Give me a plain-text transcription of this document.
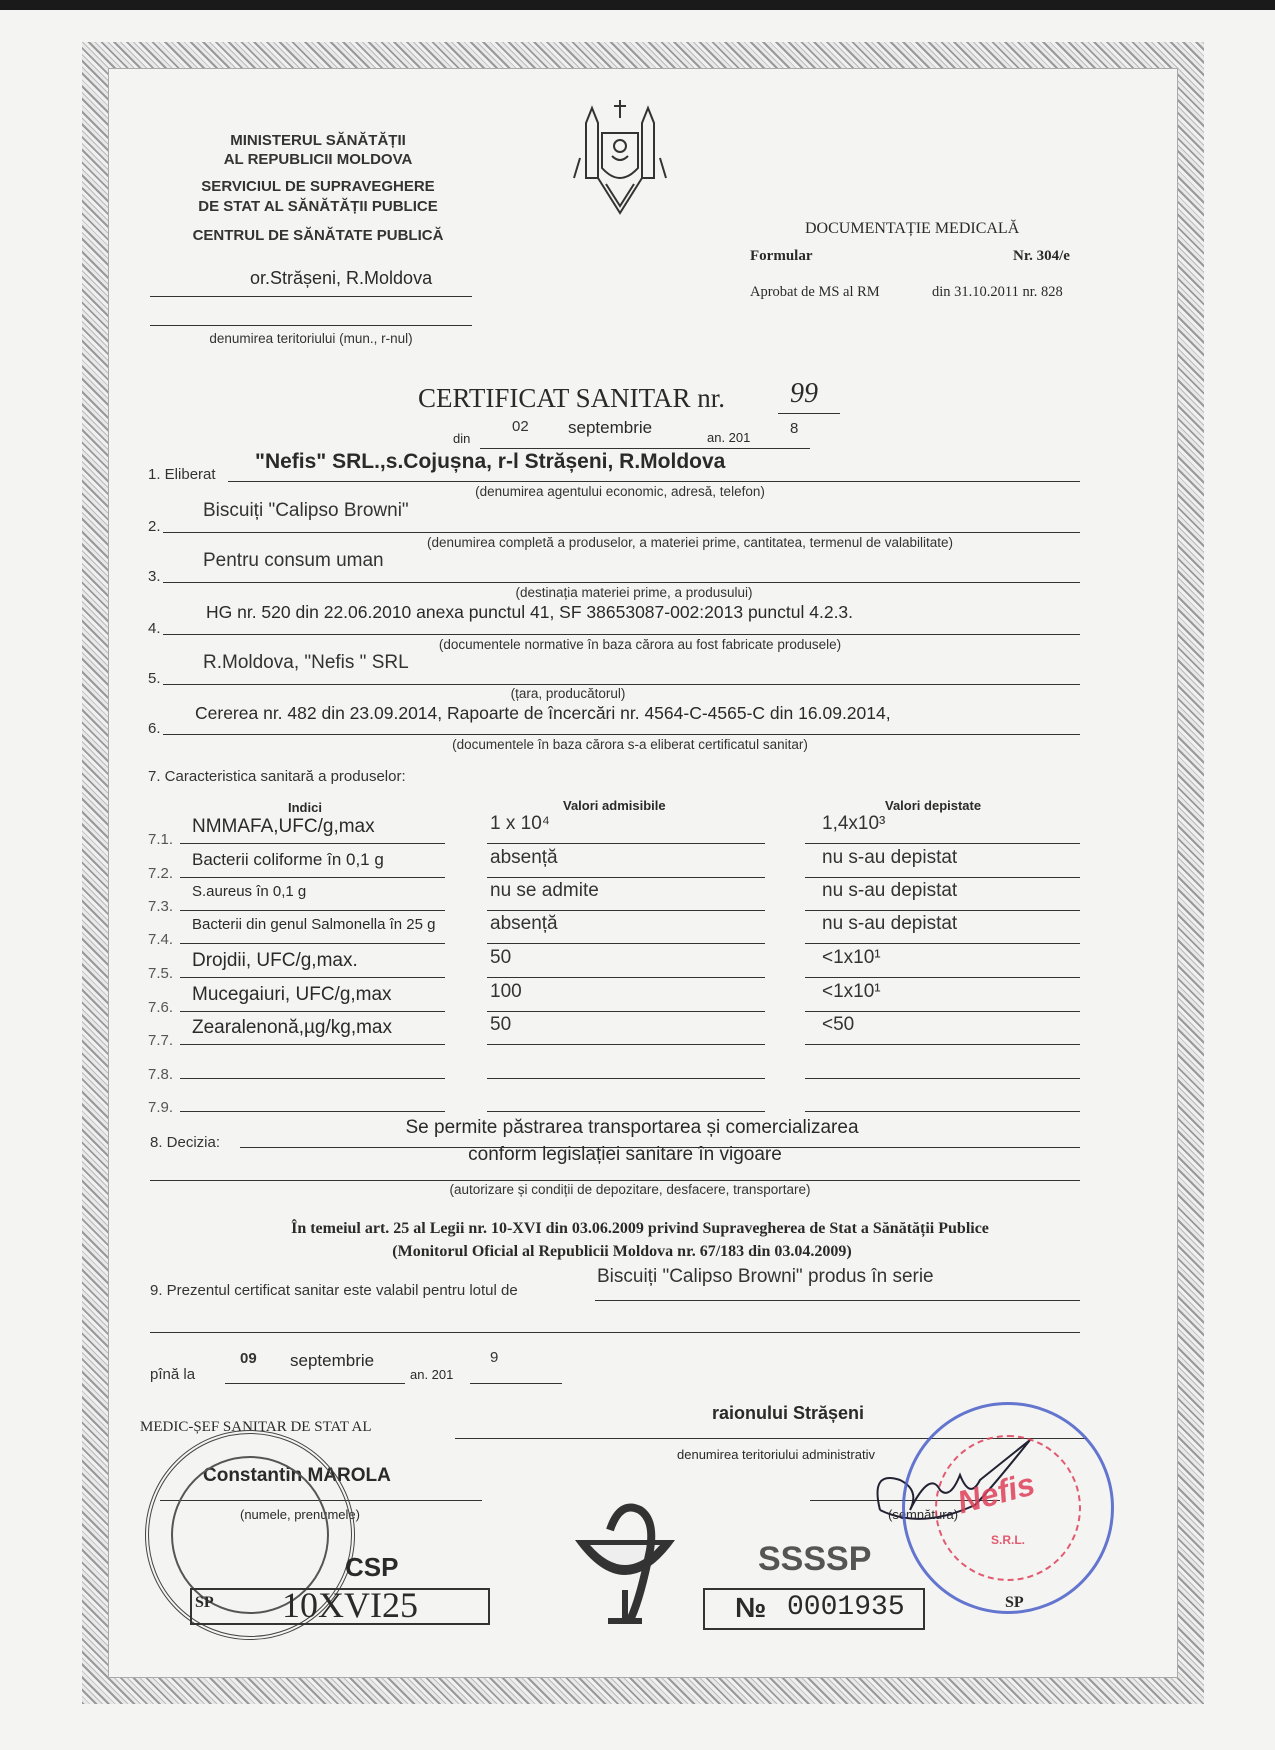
MINISTERUL SĂNĂTĂȚII
AL REPUBLICII MOLDOVA
SERVICIUL DE SUPRAVEGHERE
DE STAT AL SĂNĂTĂȚII PUBLICE
CENTRUL DE SĂNĂTATE PUBLICĂ
or.Strășeni, R.Moldova
denumirea teritoriului (mun., r-nul)
DOCUMENTAȚIE MEDICALĂ
Formular	Nr. 304/e
Aprobat de MS al RM	din 31.10.2011 nr. 828
CERTIFICAT SANITAR nr. 99
din
02 septembrie
an. 201
8
1. Eliberat
"Nefis" SRL.,s.Cojușna, r-l Strășeni, R.Moldova
(denumirea agentului economic, adresă, telefon)
2.
Biscuiți "Calipso Browni"
(denumirea completă a produselor, a materiei prime, cantitatea, termenul de valabilitate)
3.
Pentru consum uman
(destinația materiei prime, a produsului)
4.
HG nr. 520 din 22.06.2010 anexa punctul 41, SF 38653087-002:2013 punctul 4.2.3.
(documentele normative în baza cărora au fost fabricate produsele)
5.
R.Moldova, "Nefis " SRL
(țara, producătorul)
6.
Cererea nr. 482 din 23.09.2014, Rapoarte de încercări nr. 4564-C-4565-C din 16.09.2014,
(documentele în baza cărora s-a eliberat certificatul sanitar)
7. Caracteristica sanitară a produselor:
Indici	Valori admisibile	Valori depistate
7.1.
NMMAFA,UFC/g,max	1 x 10⁴	1,4x10³
7.2.
Bacterii coliforme în 0,1 g	absență	nu s-au depistat
7.3.
S.aureus în 0,1 g	nu se admite	nu s-au depistat
7.4.
Bacterii din genul Salmonella în 25 g	absență	nu s-au depistat
7.5.
Drojdii, UFC/g,max.	50	<1x10¹
7.6.
Mucegaiuri, UFC/g,max	100	<1x10¹
7.7.
Zearalenonă,µg/kg,max	50	<50
7.8.
7.9.
8. Decizia:
Se permite păstrarea transportarea și comercializarea
conform legislației sanitare în vigoare
(autorizare și condiții de depozitare, desfacere, transportare)
În temeiul art. 25 al Legii nr. 10-XVI din 03.06.2009 privind Supravegherea de Stat a Sănătății Publice
(Monitorul Oficial al Republicii Moldova nr. 67/183 din 03.04.2009)
9. Prezentul certificat sanitar este valabil pentru lotul de
Biscuiți "Calipso Browni" produs în serie
pînă la
09 septembrie
an. 201
9
MEDIC-ȘEF SANITAR DE STAT AL
raionului Strășeni
denumirea teritoriului administrativ
Constantin MAROLA
(numele, prenumele)	(semnătura)
CSP
SP 10XVI25
SSSSP
№ 0001935	SP
Nefis
S.R.L.
